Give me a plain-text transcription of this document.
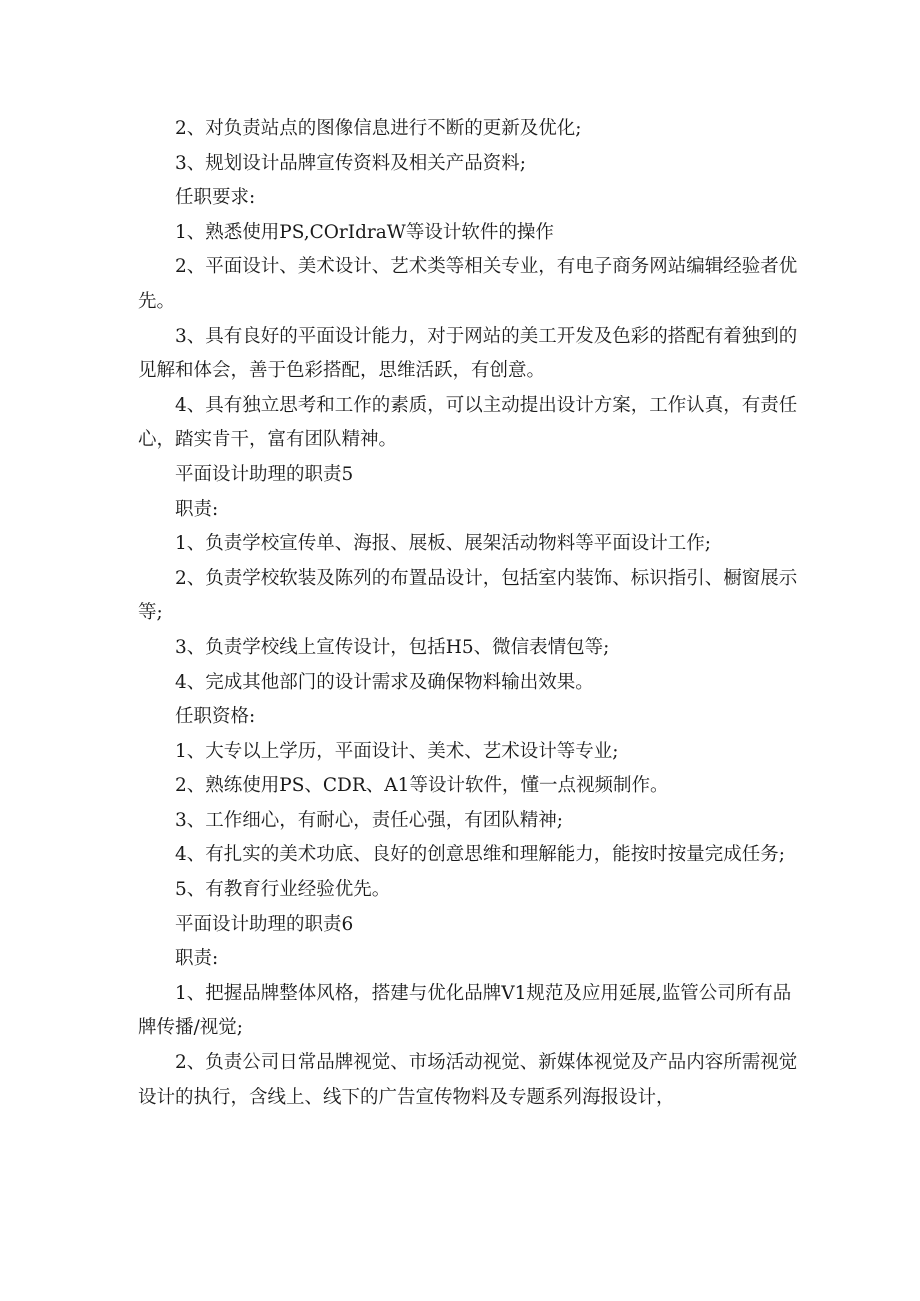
2、对负责站点的图像信息进行不断的更新及优化;

3、规划设计品牌宣传资料及相关产品资料;

任职要求:

1、熟悉使用PS,COrIdraW等设计软件的操作

2、平面设计、美术设计、艺术类等相关专业，有电子商务网站编辑经验者优先。

3、具有良好的平面设计能力，对于网站的美工开发及色彩的搭配有着独到的见解和体会，善于色彩搭配，思维活跃，有创意。

4、具有独立思考和工作的素质，可以主动提出设计方案，工作认真，有责任心，踏实肯干，富有团队精神。

平面设计助理的职责5

职责:

1、负责学校宣传单、海报、展板、展架活动物料等平面设计工作;

2、负责学校软装及陈列的布置品设计，包括室内装饰、标识指引、橱窗展示等;

3、负责学校线上宣传设计，包括H5、微信表情包等;

4、完成其他部门的设计需求及确保物料输出效果。

任职资格:

1、大专以上学历，平面设计、美术、艺术设计等专业;

2、熟练使用PS、CDR、A1等设计软件，懂一点视频制作。

3、工作细心，有耐心，责任心强，有团队精神;

4、有扎实的美术功底、良好的创意思维和理解能力，能按时按量完成任务;

5、有教育行业经验优先。

平面设计助理的职责6

职责:

1、把握品牌整体风格，搭建与优化品牌V1规范及应用延展,监管公司所有品牌传播/视觉;

2、负责公司日常品牌视觉、市场活动视觉、新媒体视觉及产品内容所需视觉设计的执行，含线上、线下的广告宣传物料及专题系列海报设计，
